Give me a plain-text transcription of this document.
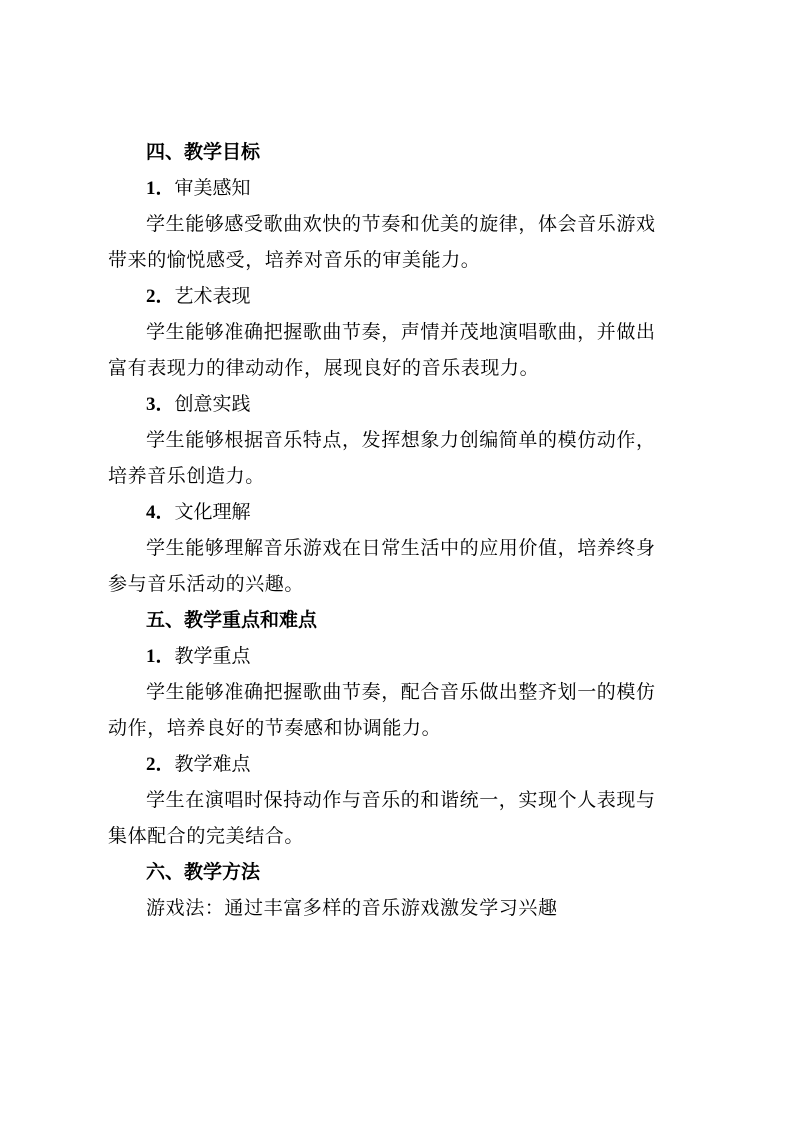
四、教学目标
1．审美感知
学生能够感受歌曲欢快的节奏和优美的旋律，体会音乐游戏
带来的愉悦感受，培养对音乐的审美能力。
2．艺术表现
学生能够准确把握歌曲节奏，声情并茂地演唱歌曲，并做出
富有表现力的律动动作，展现良好的音乐表现力。
3．创意实践
学生能够根据音乐特点，发挥想象力创编简单的模仿动作，
培养音乐创造力。
4．文化理解
学生能够理解音乐游戏在日常生活中的应用价值，培养终身
参与音乐活动的兴趣。
五、教学重点和难点
1．教学重点
学生能够准确把握歌曲节奏，配合音乐做出整齐划一的模仿
动作，培养良好的节奏感和协调能力。
2．教学难点
学生在演唱时保持动作与音乐的和谐统一，实现个人表现与
集体配合的完美结合。
六、教学方法
游戏法：通过丰富多样的音乐游戏激发学习兴趣
